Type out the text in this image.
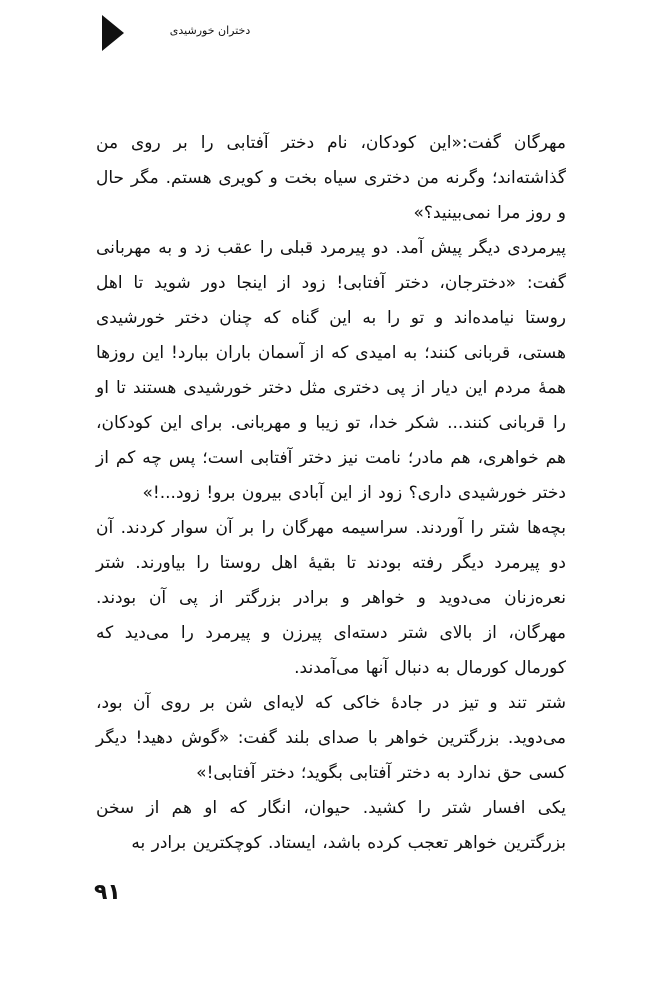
دختران خورشیدی

مهرگان گفت:«این کودکان، نام دختر آفتابی را بر روی من گذاشته‌اند؛ وگرنه من دختری سیاه بخت و کویری هستم. مگر حال و روز مرا نمی‌بینید؟»

پیرمردی دیگر پیش آمد. دو پیرمرد قبلی را عقب زد و به مهربانی گفت: «دخترجان، دختر آفتابی! زود از اینجا دور شوید تا اهل روستا نیامده‌اند و تو را به این گناه که چنان دختر خورشیدی هستی، قربانی کنند؛ به امیدی که از آسمان باران ببارد! این روزها همهٔ مردم این دیار از پی دختری مثل دختر خورشیدی هستند تا او را قربانی کنند... شکر خدا، تو زیبا و مهربانی. برای این کودکان، هم خواهری، هم مادر؛ نامت نیز دختر آفتابی است؛ پس چه کم از دختر خورشیدی داری؟ زود از این آبادی بیرون برو! زود...!»

بچه‌ها شتر را آوردند. سراسیمه مهرگان را بر آن سوار کردند. آن دو پیرمرد دیگر رفته بودند تا بقیهٔ اهل روستا را بیاورند. شتر نعره‌زنان می‌دوید و خواهر و برادر بزرگتر از پی آن بودند. مهرگان، از بالای شتر دسته‌ای پیرزن و پیرمرد را می‌دید که کورمال کورمال به دنبال آنها می‌آمدند.

شتر تند و تیز در جادهٔ خاکی که لایه‌ای شن بر روی آن بود، می‌دوید. بزرگترین خواهر با صدای بلند گفت: «گوش دهید! دیگر کسی حق ندارد به دختر آفتابی بگوید؛ دختر آفتابی!»

یکی افسار شتر را کشید. حیوان، انگار که او هم از سخن بزرگترین خواهر تعجب کرده باشد، ایستاد. کوچکترین برادر به

۹۱
